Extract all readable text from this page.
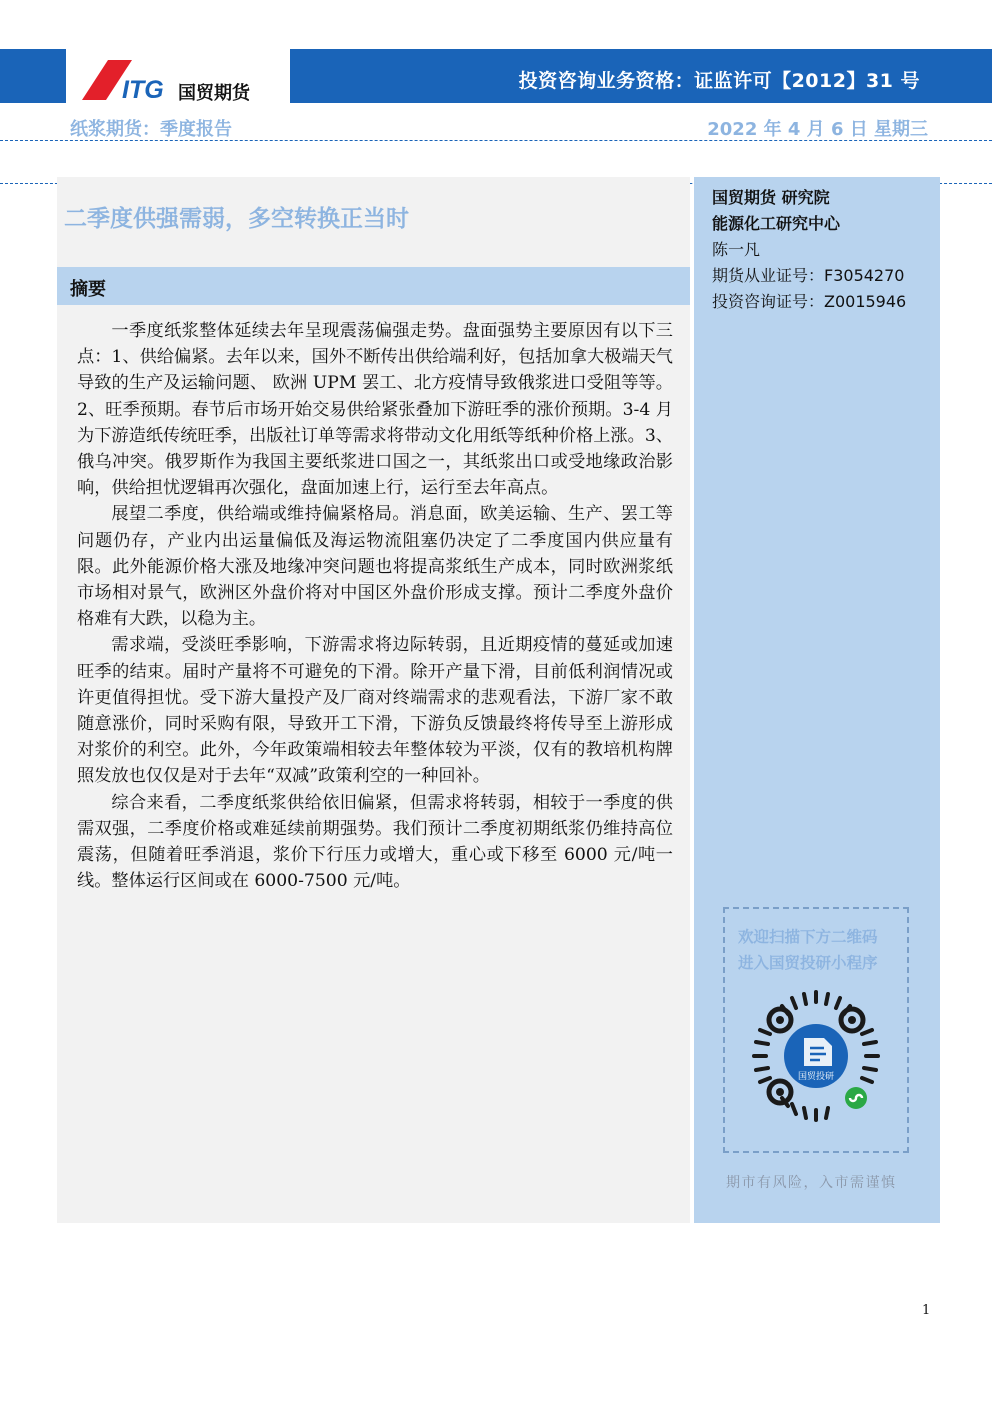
ITG 国贸期货
投资咨询业务资格：证监许可【2012】31 号
纸浆期货：季度报告	2022 年 4 月 6 日 星期三
二季度供强需弱，多空转换正当时
摘要

一季度纸浆整体延续去年呈现震荡偏强走势。盘面强势主要原因有以下三点：1、供给偏紧。去年以来，国外不断传出供给端利好，包括加拿大极端天气导致的生产及运输问题、 欧洲 UPM 罢工、北方疫情导致俄浆进口受阻等等。2、旺季预期。春节后市场开始交易供给紧张叠加下游旺季的涨价预期。3-4 月为下游造纸传统旺季，出版社订单等需求将带动文化用纸等纸种价格上涨。3、俄乌冲突。俄罗斯作为我国主要纸浆进口国之一，其纸浆出口或受地缘政治影响，供给担忧逻辑再次强化，盘面加速上行，运行至去年高点。

展望二季度，供给端或维持偏紧格局。消息面，欧美运输、生产、罢工等问题仍存，产业内出运量偏低及海运物流阻塞仍决定了二季度国内供应量有限。此外能源价格大涨及地缘冲突问题也将提高浆纸生产成本，同时欧洲浆纸市场相对景气，欧洲区外盘价将对中国区外盘价形成支撑。预计二季度外盘价格难有大跌，以稳为主。

需求端，受淡旺季影响，下游需求将边际转弱，且近期疫情的蔓延或加速旺季的结束。届时产量将不可避免的下滑。除开产量下滑，目前低利润情况或许更值得担忧。受下游大量投产及厂商对终端需求的悲观看法，下游厂家不敢随意涨价，同时采购有限，导致开工下滑，下游负反馈最终将传导至上游形成对浆价的利空。此外，今年政策端相较去年整体较为平淡，仅有的教培机构牌照发放也仅仅是对于去年“双减”政策利空的一种回补。

综合来看，二季度纸浆供给依旧偏紧，但需求将转弱，相较于一季度的供需双强，二季度价格或难延续前期强势。我们预计二季度初期纸浆仍维持高位震荡，但随着旺季消退，浆价下行压力或增大，重心或下移至 6000 元/吨一线。整体运行区间或在 6000-7500 元/吨。

国贸期货 研究院
能源化工研究中心
陈一凡
期货从业证号：F3054270
投资咨询证号：Z0015946
欢迎扫描下方二维码
进入国贸投研小程序
国贸投研
期市有风险，入市需谨慎
1
